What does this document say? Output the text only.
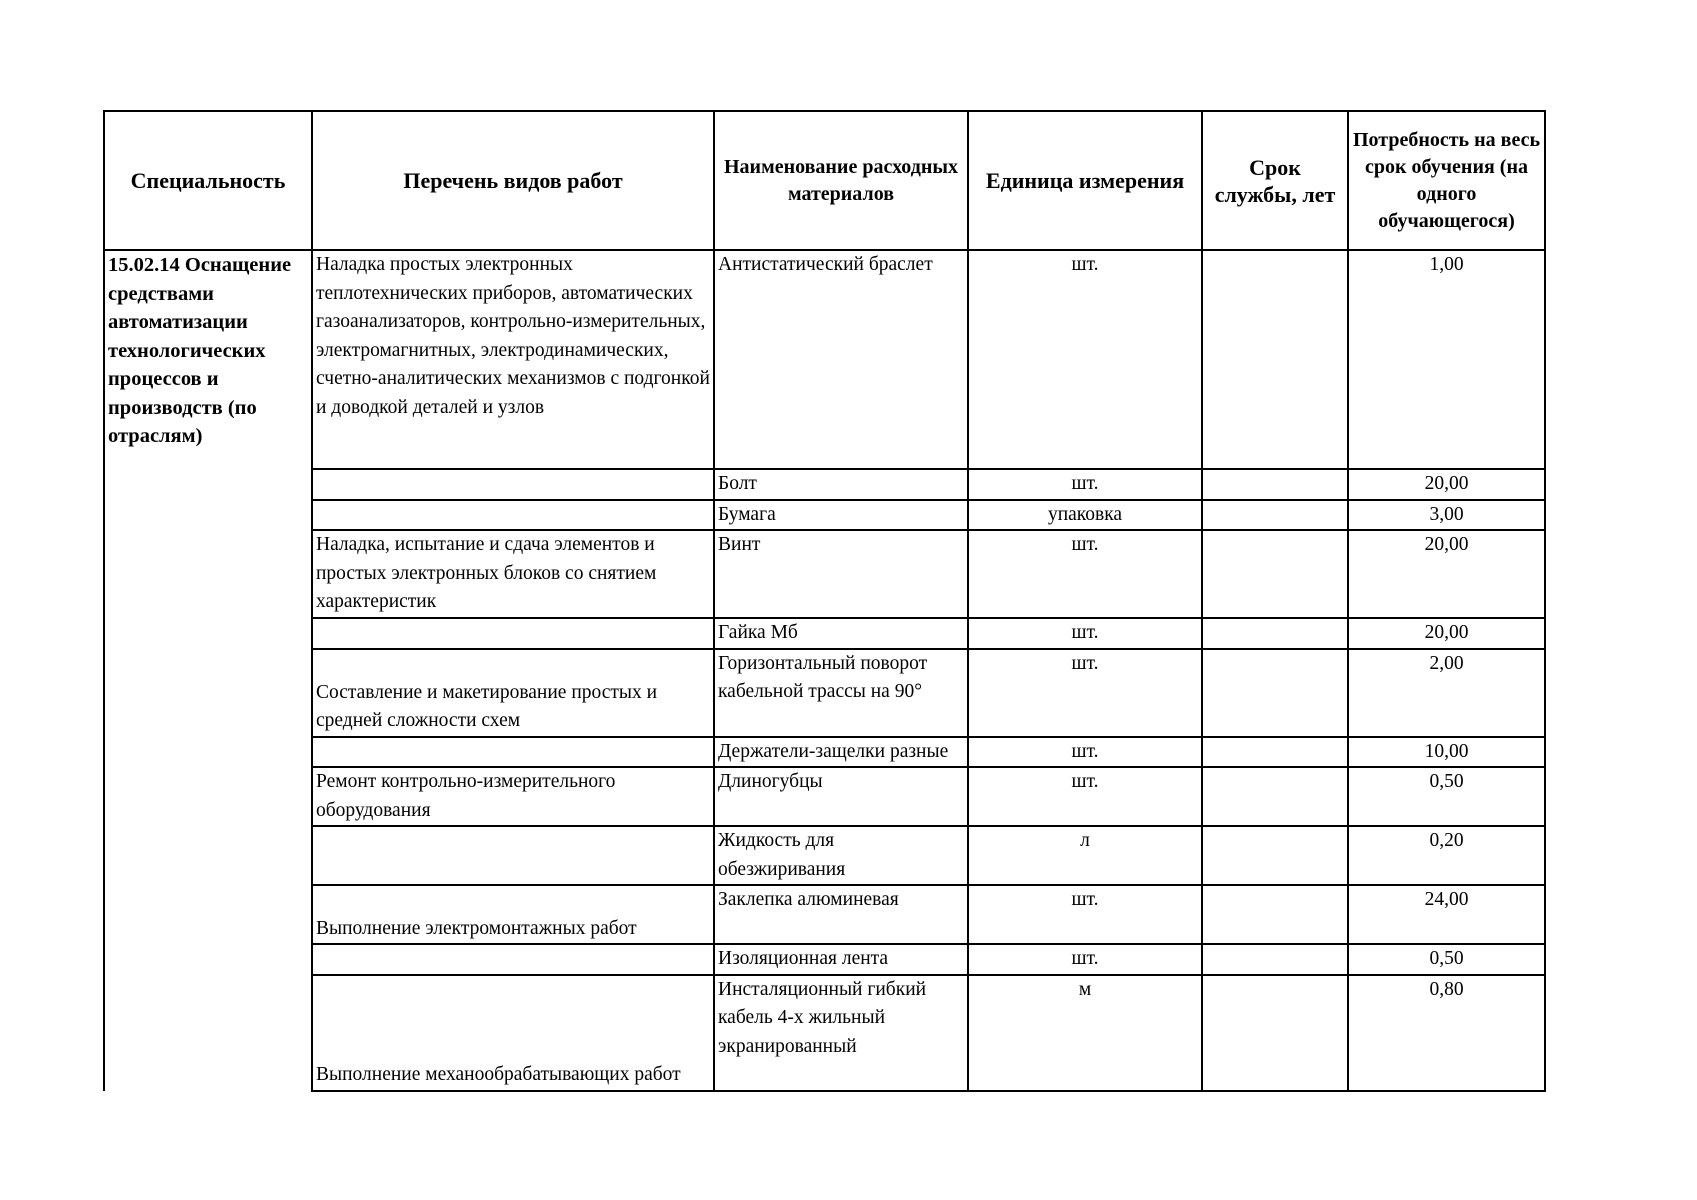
Специальность	Перечень видов работ	Наименование расходных материалов	Единица измерения	Срок службы, лет	Потребность на весь срок обучения (на одного обучающегося)
15.02.14 Оснащение средствами автоматизации технологических процессов и производств (по отраслям)	Наладка простых электронных теплотехнических приборов, автоматических газоанализаторов, контрольно-измерительных, электромагнитных, электродинамических, счетно-аналитических механизмов с подгонкой и доводкой деталей и узлов	Антистатический браслет	шт.		1,00
		Болт	шт.		20,00
		Бумага	упаковка		3,00
	Наладка, испытание и сдача элементов и простых электронных блоков со снятием характеристик	Винт	шт.		20,00
		Гайка Мб	шт.		20,00
	Составление и макетирование простых и средней сложности схем	Горизонтальный поворот кабельной трассы на 90°	шт.		2,00
		Держатели-защелки разные	шт.		10,00
	Ремонт контрольно-измерительного оборудования	Длиногубцы	шт.		0,50
		Жидкость для обезжиривания	л		0,20
	Выполнение электромонтажных работ	Заклепка алюминевая	шт.		24,00
		Изоляционная лента	шт.		0,50
	Выполнение механообрабатывающих работ	Инсталяционный гибкий кабель 4-х жильный экранированный	м		0,80
